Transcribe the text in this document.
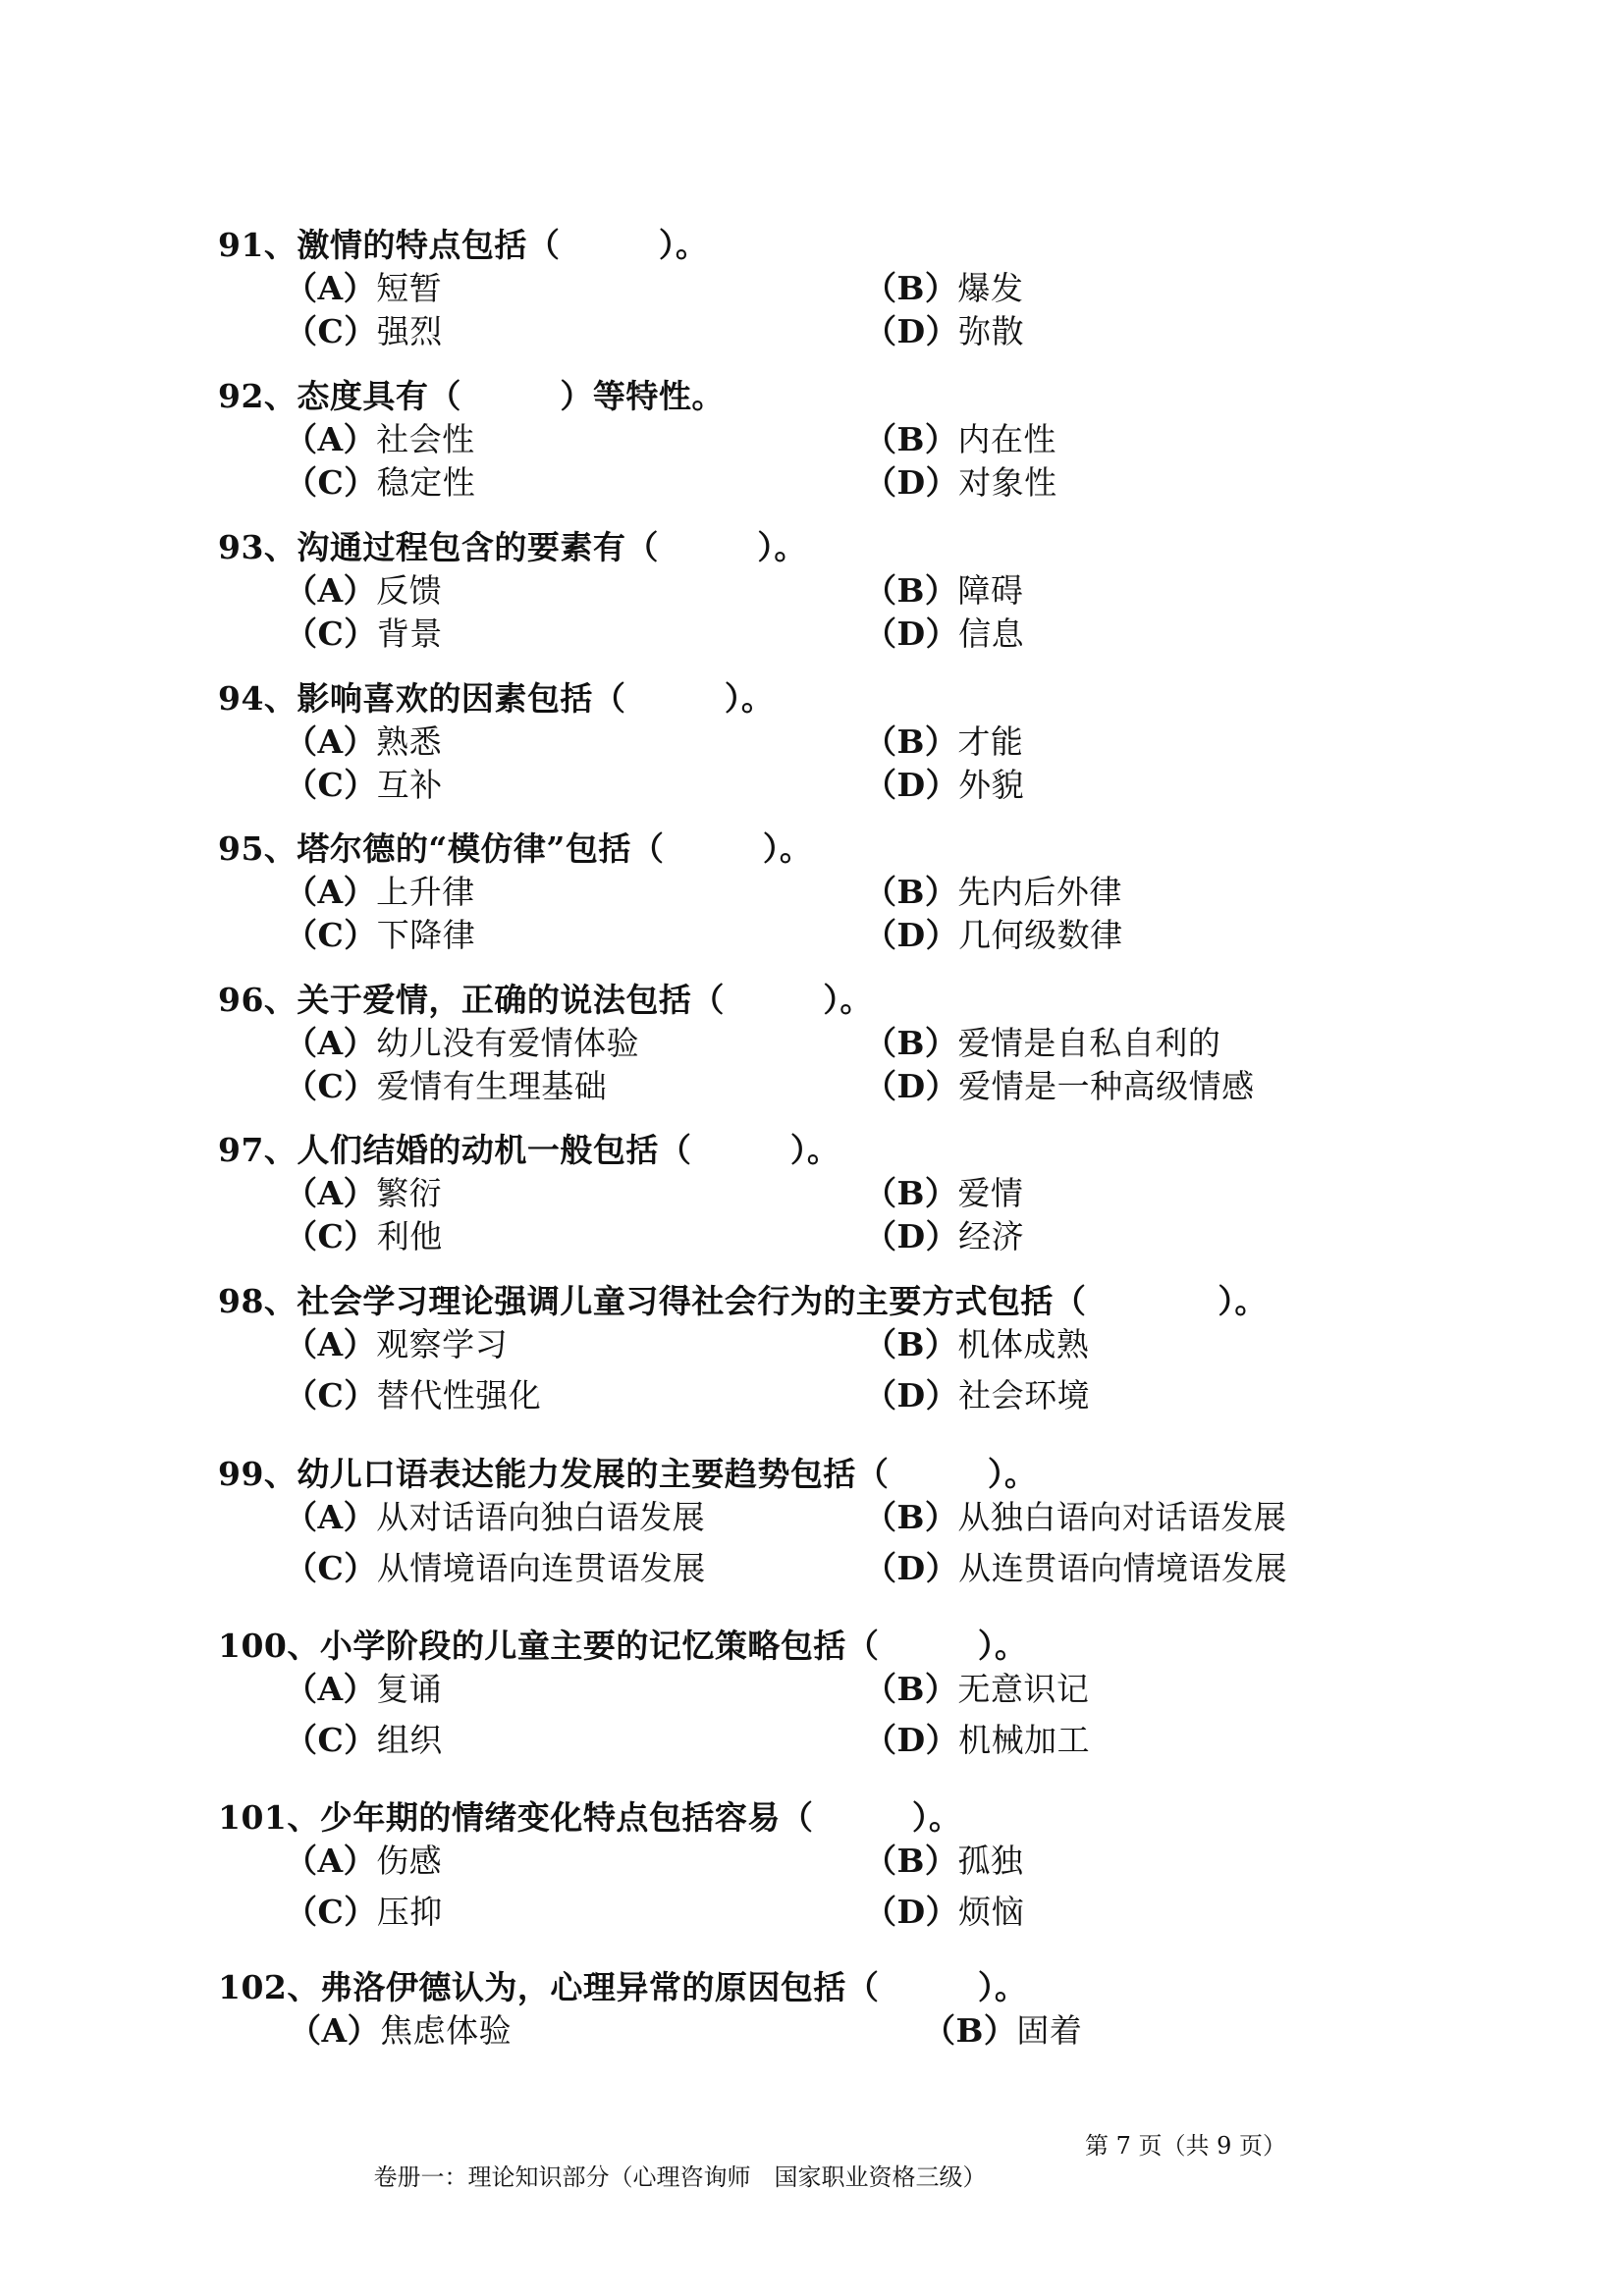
91、激情的特点包括（　　　）。
（A）短暂	（B）爆发
（C）强烈	（D）弥散
92、态度具有（　　　）等特性。
（A）社会性	（B）内在性
（C）稳定性	（D）对象性
93、沟通过程包含的要素有（　　　）。
（A）反馈	（B）障碍
（C）背景	（D）信息
94、影响喜欢的因素包括（　　　）。
（A）熟悉	（B）才能
（C）互补	（D）外貌
95、塔尔德的“模仿律”包括（　　　）。
（A）上升律	（B）先内后外律
（C）下降律	（D）几何级数律
96、关于爱情，正确的说法包括（　　　）。
（A）幼儿没有爱情体验	（B）爱情是自私自利的
（C）爱情有生理基础	（D）爱情是一种高级情感
97、人们结婚的动机一般包括（　　　）。
（A）繁衍	（B）爱情
（C）利他	（D）经济
98、社会学习理论强调儿童习得社会行为的主要方式包括（　　　　）。
（A）观察学习	（B）机体成熟
（C）替代性强化	（D）社会环境
99、幼儿口语表达能力发展的主要趋势包括（　　　）。
（A）从对话语向独白语发展	（B）从独白语向对话语发展
（C）从情境语向连贯语发展	（D）从连贯语向情境语发展
100、小学阶段的儿童主要的记忆策略包括（　　　）。
（A）复诵	（B）无意识记
（C）组织	（D）机械加工
101、少年期的情绪变化特点包括容易（　　　）。
（A）伤感	（B）孤独
（C）压抑	（D）烦恼
102、弗洛伊德认为，心理异常的原因包括（　　　）。
（A）焦虑体验	（B）固着

卷册一：理论知识部分（心理咨询师　国家职业资格三级）

第 7 页（共 9 页）
